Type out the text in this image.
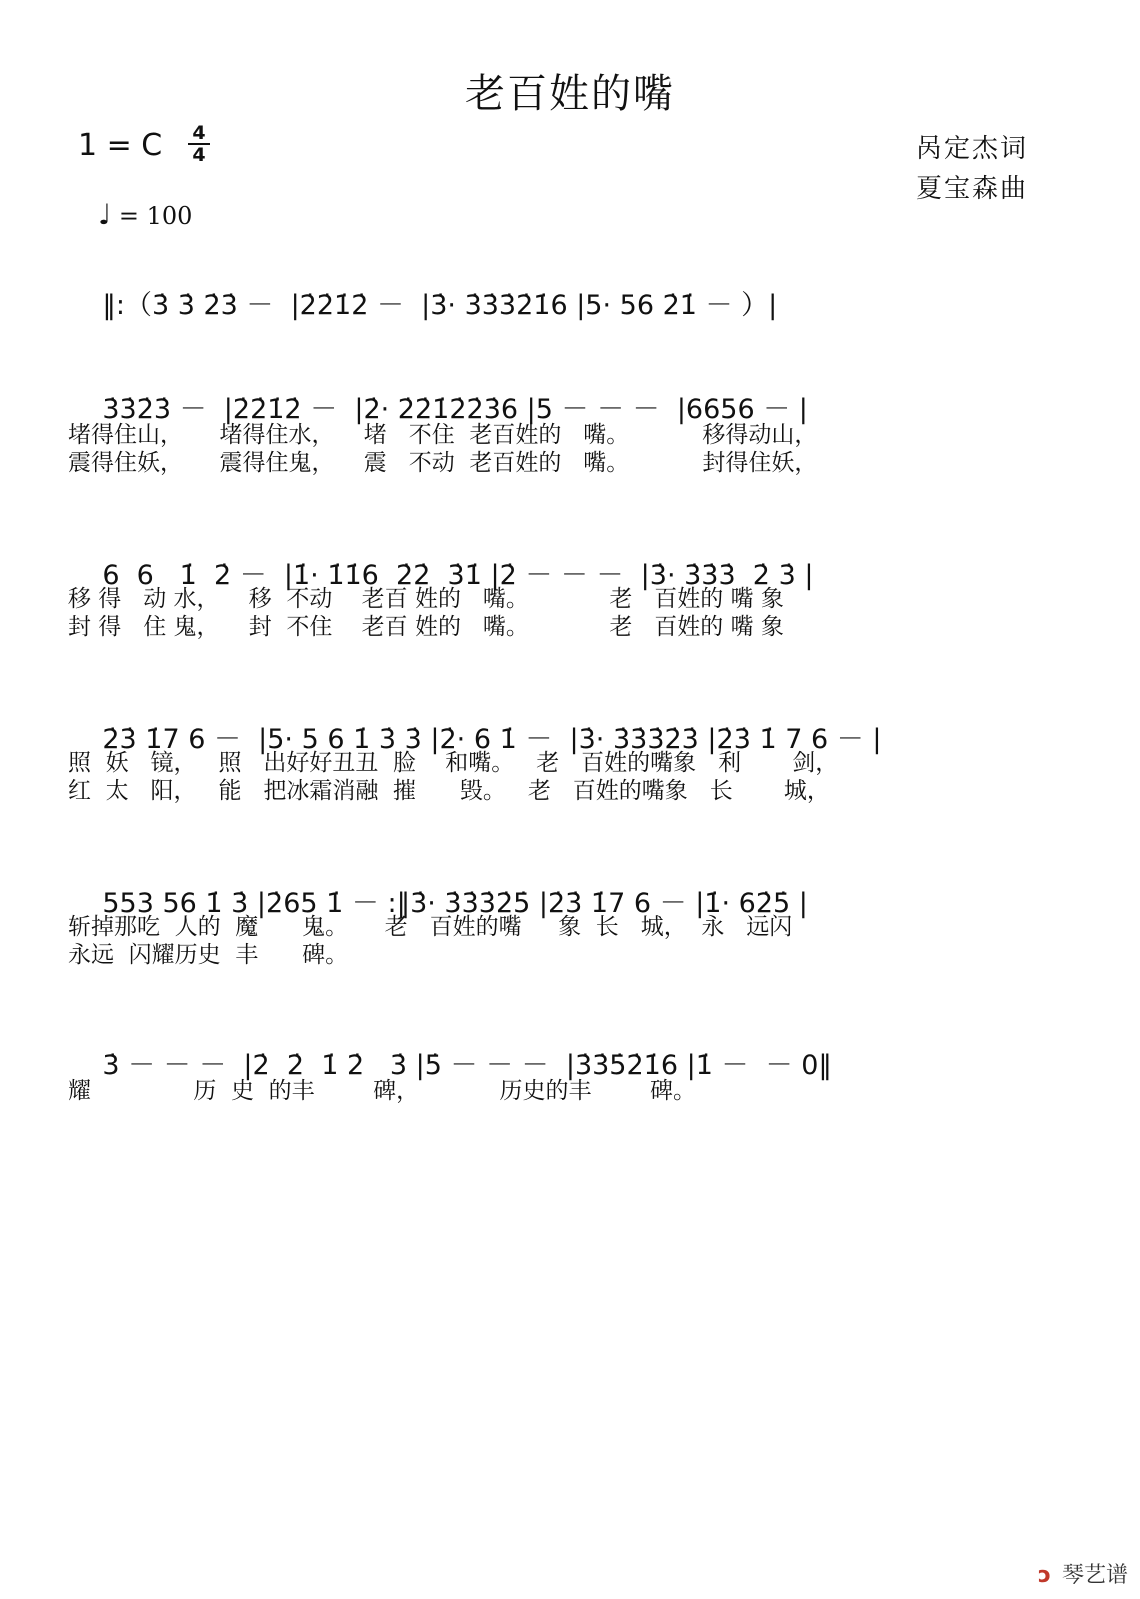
老百姓的嘴
1 = C 4
4
♩ = 100
呙定杰词
夏宝森曲

‖:（3̇ 3̇ 2̇3̇ －  |2̇2̇1̇2̇ －  |3̇· 3̇3̇3̇2̇1̇6 |5· 56 2̇1̇ － ）|

3̇3̇2̇3̇ －  |2̇2̇1̇2̇ －  |2̇· 2̇2̇1̇2̇2̇3̇6 |5 － － －  |6656 － |

堵得住山，     堵得住水，    堵   不住  老百姓的   嘴。          移得动山，
震得住妖，     震得住鬼，    震   不动  老百姓的   嘴。          封得住妖，

6  6   1̇  2̇ －  |1̇· 1̇1̇6  2̇2̇  3̇1̇ |2̇ － － －  |3̇· 3̇3̇3̇  2̇ 3̇ |

移 得   动 水，    移  不动    老百 姓的   嘴。           老   百姓的 嘴 象
封 得   住 鬼，    封  不住    老百 姓的   嘴。           老   百姓的 嘴 象

2̇3̇ 1̇7 6 －  |5· 5 6 1̇ 3̇ 3̇ |2̇· 6 1̇ －  |3̇· 3̇3̇3̇2̇3̇ |2̇3̇ 1̇ 7 6 － |

照  妖   镜，   照   出好好丑丑  脸    和嘴。   老   百姓的嘴象   利       剑，
红  太   阳，   能   把冰霜消融  摧      毁。   老   百姓的嘴象   长       城，

553 56 1̇ 3̇ |2̇65 1̇ － :‖3̇· 3̇3̇3̇2̇5̇ |2̇3̇ 1̇7 6 － |1̇· 62̇5̇ |

斩掉那吃  人的  魔      鬼。     老   百姓的嘴     象  长   城，  永   远闪
永远  闪耀历史  丰      碑。

3̇ － － －  |2̇  2̇  1̇ 2̇   3̇ |5̇ － － －  |3̇3̇5̇2̇1̇6 |1̇ －  － 0‖

耀              历  史  的丰        碑，           历史的丰        碑。
ↄ 琴艺谱
